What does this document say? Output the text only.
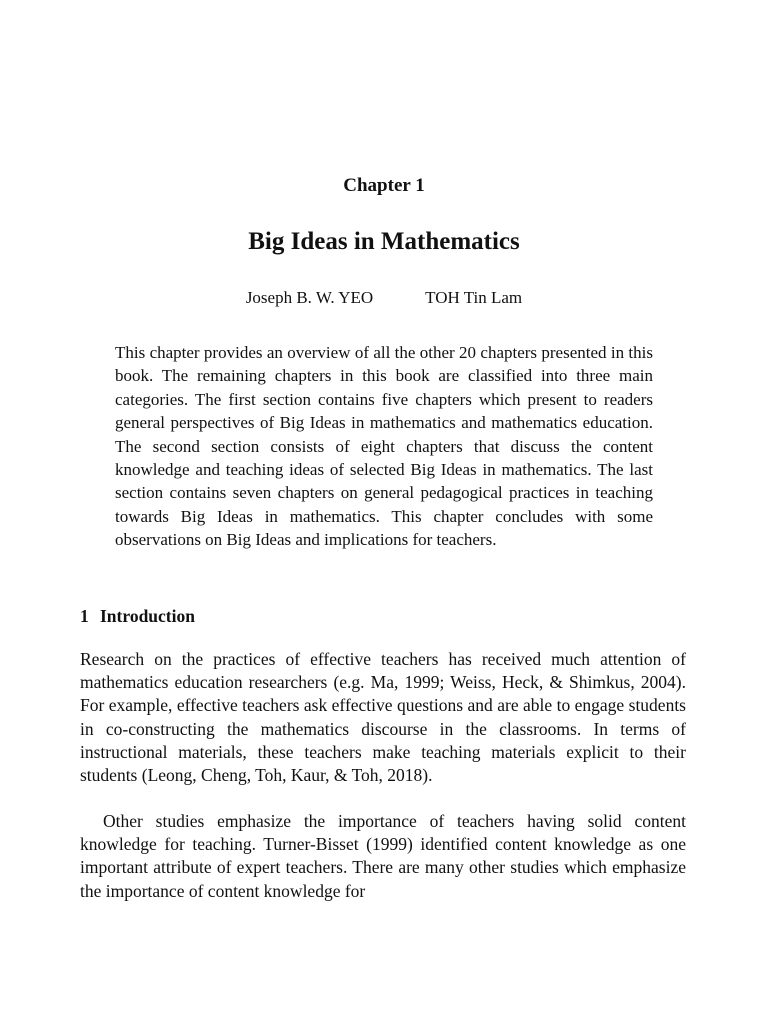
Chapter 1
Big Ideas in Mathematics
Joseph B. W. YEO	TOH Tin Lam

This chapter provides an overview of all the other 20 chapters presented in this book. The remaining chapters in this book are classified into three main categories. The first section contains five chapters which present to readers general perspectives of Big Ideas in mathematics and mathematics education. The second section consists of eight chapters that discuss the content knowledge and teaching ideas of selected Big Ideas in mathematics. The last section contains seven chapters on general pedagogical practices in teaching towards Big Ideas in mathematics. This chapter concludes with some observations on Big Ideas and implications for teachers.

1 Introduction

Research on the practices of effective teachers has received much attention of mathematics education researchers (e.g. Ma, 1999; Weiss, Heck, & Shimkus, 2004). For example, effective teachers ask effective questions and are able to engage students in co-constructing the mathematics discourse in the classrooms. In terms of instructional materials, these teachers make teaching materials explicit to their students (Leong, Cheng, Toh, Kaur, & Toh, 2018).

Other studies emphasize the importance of teachers having solid content knowledge for teaching. Turner-Bisset (1999) identified content knowledge as one important attribute of expert teachers. There are many other studies which emphasize the importance of content knowledge for
